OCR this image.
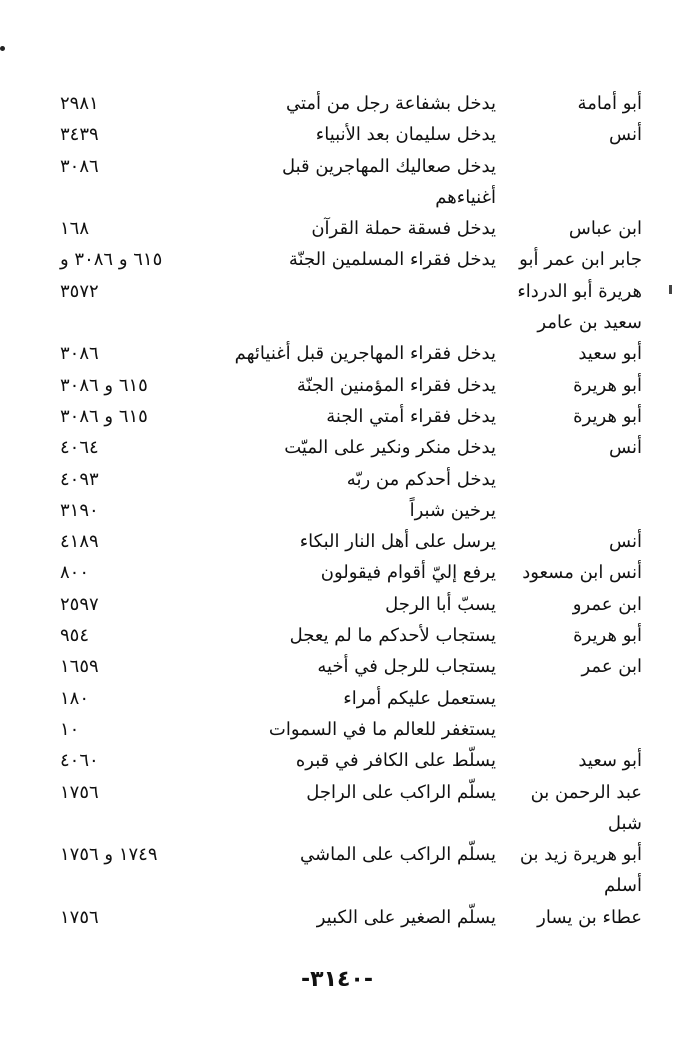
أبو أمامة
يدخل بشفاعة رجل من أمتي
٢٩٨١
أنس
يدخل سليمان بعد الأنبياء
٣٤٣٩
يدخل صعاليك المهاجرين قبل
٣٠٨٦
أغنياءهم
ابن عباس
يدخل فسقة حملة القرآن
١٦٨
جابر ابن عمر أبو
يدخل فقراء المسلمين الجنّة
٦١٥ و ٣٠٨٦ و
هريرة أبو الدرداء
٣٥٧٢
سعيد بن عامر
أبو سعيد
يدخل فقراء المهاجرين قبل أغنيائهم
٣٠٨٦
أبو هريرة
يدخل فقراء المؤمنين الجنّة
٦١٥ و ٣٠٨٦
أبو هريرة
يدخل فقراء أمتي الجنة
٦١٥ و ٣٠٨٦
أنس
يدخل منكر ونكير على الميّت
٤٠٦٤
يدخل أحدكم من ربّه
٤٠٩٣
يرخين شبراً
٣١٩٠
أنس
يرسل على أهل النار البكاء
٤١٨٩
أنس ابن مسعود
يرفع إليّ أقوام فيقولون
٨٠٠
ابن عمرو
يسبّ أبا الرجل
٢٥٩٧
أبو هريرة
يستجاب لأحدكم ما لم يعجل
٩٥٤
ابن عمر
يستجاب للرجل في أخيه
١٦٥٩
يستعمل عليكم أمراء
١٨٠
يستغفر للعالم ما في السموات
١٠
أبو سعيد
يسلّط على الكافر في قبره
٤٠٦٠
عبد الرحمن بن
يسلّم الراكب على الراجل
١٧٥٦
شبل
أبو هريرة زيد بن
يسلّم الراكب على الماشي
١٧٤٩ و ١٧٥٦
أسلم
عطاء بن يسار
يسلّم الصغير على الكبير
١٧٥٦
-٣١٤٠-
